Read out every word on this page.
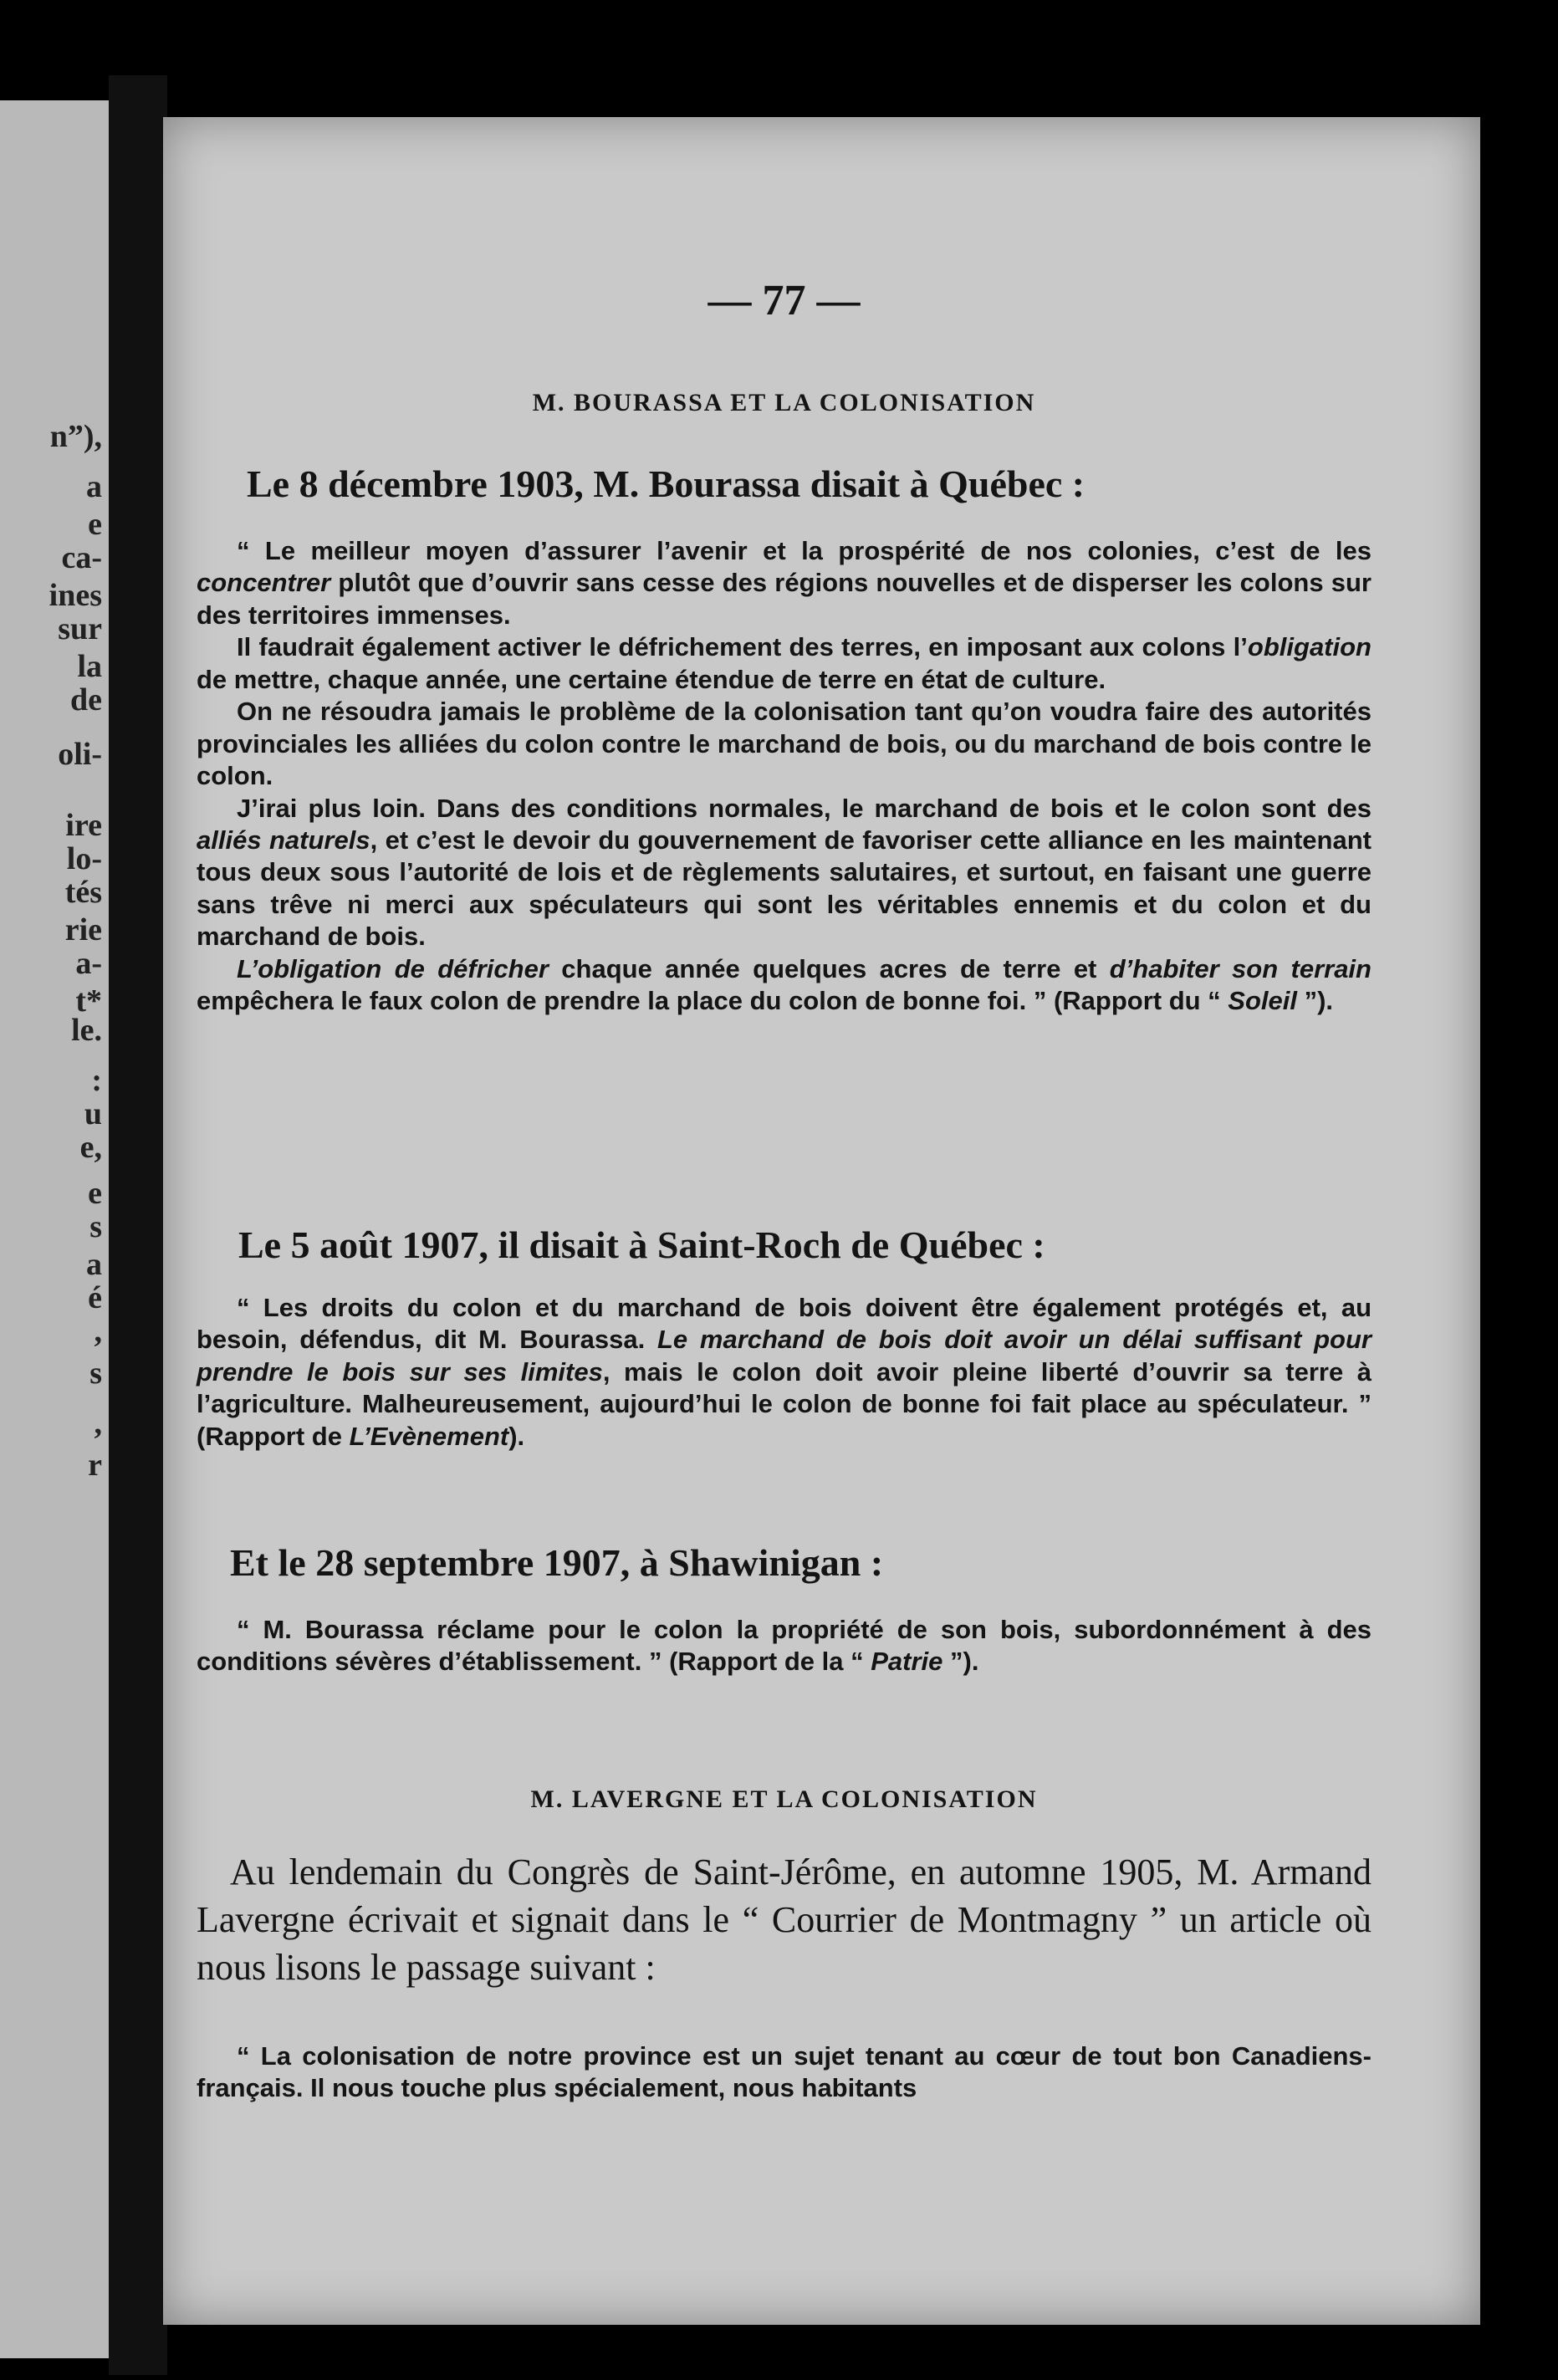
n”),
a
e
ca-
ines
sur
la
de
oli-
ire
lo-
tés
rie
a-
t*
le.
:
u
e,
e
s
a
é
,
s
,
r
— 77 —
M. BOURASSA ET LA COLONISATION

Le 8 décembre 1903, M. Bourassa disait à Québec :

“ Le meilleur moyen d’assurer l’avenir et la prospérité de nos colonies, c’est de les concentrer plutôt que d’ouvrir sans cesse des régions nouvelles et de disperser les colons sur des territoires immenses.

Il faudrait également activer le défrichement des terres, en imposant aux colons l’obligation de mettre, chaque année, une certaine étendue de terre en état de culture.

On ne résoudra jamais le problème de la colonisation tant qu’on voudra faire des autorités provinciales les alliées du colon contre le marchand de bois, ou du marchand de bois contre le colon.

J’irai plus loin. Dans des conditions normales, le marchand de bois et le colon sont des alliés naturels, et c’est le devoir du gouvernement de favoriser cette alliance en les maintenant tous deux sous l’autorité de lois et de règlements salutaires, et surtout, en faisant une guerre sans trêve ni merci aux spéculateurs qui sont les véritables ennemis et du colon et du marchand de bois.

L’obligation de défricher chaque année quelques acres de terre et d’habiter son terrain empêchera le faux colon de prendre la place du colon de bonne foi. ” (Rapport du “ Soleil ”).

Le 5 août 1907, il disait à Saint-Roch de Québec :

“ Les droits du colon et du marchand de bois doivent être également protégés et, au besoin, défendus, dit M. Bourassa. Le marchand de bois doit avoir un délai suffisant pour prendre le bois sur ses limites, mais le colon doit avoir pleine liberté d’ouvrir sa terre à l’agriculture. Malheureusement, aujourd’hui le colon de bonne foi fait place au spéculateur. ” (Rapport de L’Evènement).

Et le 28 septembre 1907, à Shawinigan :

“ M. Bourassa réclame pour le colon la propriété de son bois, subordonnément à des conditions sévères d’établissement. ” (Rapport de la “ Patrie ”).

M. LAVERGNE ET LA COLONISATION

Au lendemain du Congrès de Saint-Jérôme, en automne 1905, M. Armand Lavergne écrivait et signait dans le “ Courrier de Montmagny ” un article où nous lisons le passage suivant :

“ La colonisation de notre province est un sujet tenant au cœur de tout bon Canadiens-français. Il nous touche plus spécialement, nous habitants
